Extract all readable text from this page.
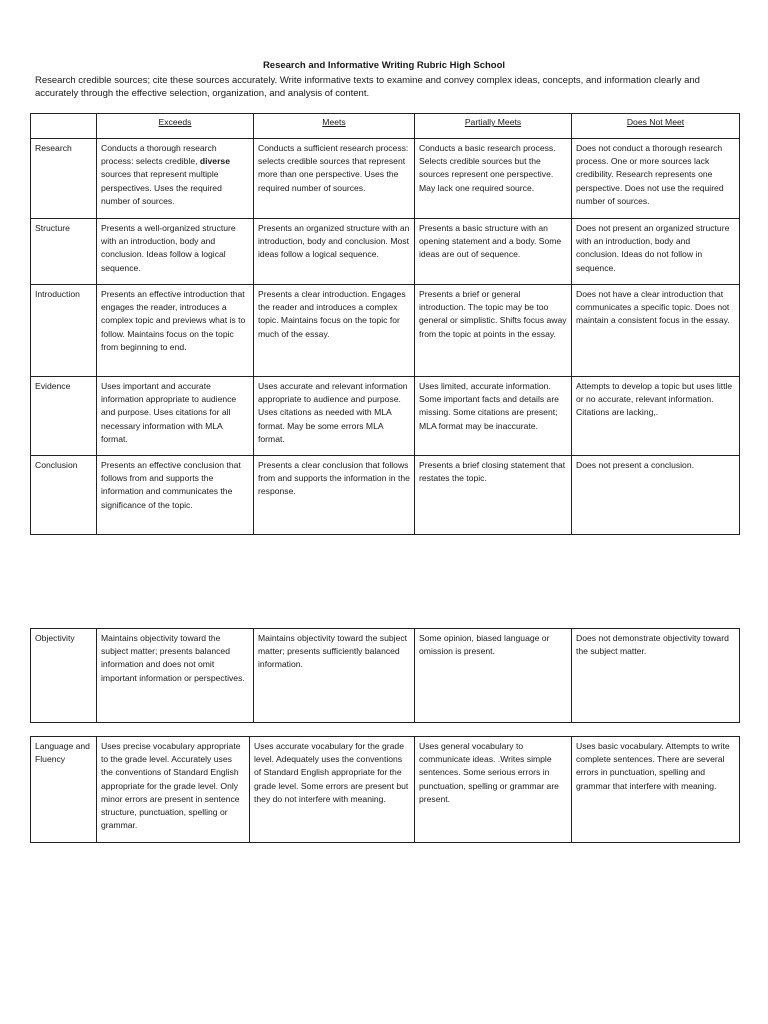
Research and Informative Writing Rubric High School
Research credible sources; cite these sources accurately. Write informative texts to examine and convey complex ideas, concepts, and information clearly and accurately through the effective selection, organization, and analysis of content.
	Exceeds	Meets	Partially Meets	Does Not Meet
Research	Conducts a thorough research process: selects credible, diverse sources that represent multiple perspectives. Uses the required number of sources.	Conducts a sufficient research process: selects credible sources that represent more than one perspective. Uses the required number of sources.	Conducts a basic research process. Selects credible sources but the sources represent one perspective. May lack one required source.	Does not conduct a thorough research process. One or more sources lack credibility. Research represents one perspective. Does not use the required number of sources.
Structure	Presents a well-organized structure with an introduction, body and conclusion. Ideas follow a logical sequence.	Presents an organized structure with an introduction, body and conclusion. Most ideas follow a logical sequence.	Presents a basic structure with an opening statement and a body. Some ideas are out of sequence.	Does not present an organized structure with an introduction, body and conclusion. Ideas do not follow in sequence.
Introduction	Presents an effective introduction that engages the reader, introduces a complex topic and previews what is to follow. Maintains focus on the topic from beginning to end.	Presents a clear introduction. Engages the reader and introduces a complex topic. Maintains focus on the topic for much of the essay.	Presents a brief or general introduction. The topic may be too general or simplistic. Shifts focus away from the topic at points in the essay.	Does not have a clear introduction that communicates a specific topic. Does not maintain a consistent focus in the essay.
Evidence	Uses important and accurate information appropriate to audience and purpose. Uses citations for all necessary information with MLA format.	Uses accurate and relevant information appropriate to audience and purpose. Uses citations as needed with MLA format. May be some errors MLA format.	Uses limited, accurate information. Some important facts and details are missing. Some citations are present; MLA format may be inaccurate.	Attempts to develop a topic but uses little or no accurate, relevant information. Citations are lacking,.
Conclusion	Presents an effective conclusion that follows from and supports the information and communicates the significance of the topic.	Presents a clear conclusion that follows from and supports the information in the response.	Presents a brief closing statement that restates the topic.	Does not present a conclusion.
Objectivity	Maintains objectivity toward the subject matter; presents balanced information and does not omit important information or perspectives.	Maintains objectivity toward the subject matter; presents sufficiently balanced information.	Some opinion, biased language or omission is present.	Does not demonstrate objectivity toward the subject matter.
Language and Fluency	Uses precise vocabulary appropriate to the grade level. Accurately uses the conventions of Standard English appropriate for the grade level. Only minor errors are present in sentence structure, punctuation, spelling or grammar.	Uses accurate vocabulary for the grade level. Adequately uses the conventions of Standard English appropriate for the grade level. Some errors are present but they do not interfere with meaning.	Uses general vocabulary to communicate ideas. .Writes simple sentences. Some serious errors in punctuation, spelling or grammar are present.	Uses basic vocabulary. Attempts to write complete sentences. There are several errors in punctuation, spelling and grammar that interfere with meaning.
